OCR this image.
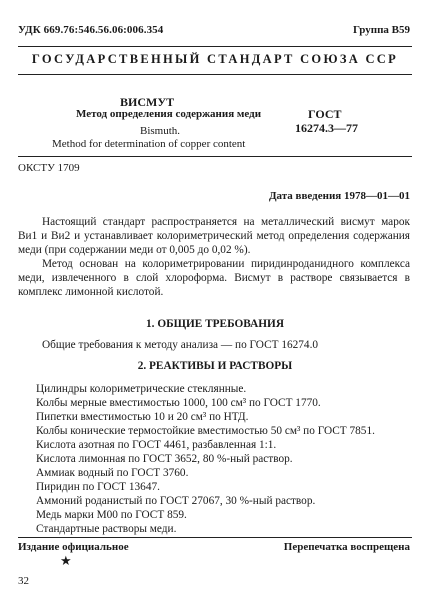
УДК 669.76:546.56.06:006.354	Группа В59
ГОСУДАРСТВЕННЫЙ СТАНДАРТ СОЮЗА ССР
ВИСМУТ
Метод определения содержания меди
Bismuth.
Method for determination of copper content
ГОСТ
16274.3—77
ОКСТУ 1709
Дата введения 1978—01—01

Настоящий стандарт распространяется на металлический висмут марок Ви1 и Ви2 и устанавливает колориметрический метод определения содержания меди (при содержании меди от 0,005 до 0,02 %).

Метод основан на колориметрировании пиридинроданидного комплекса меди, извлеченного в слой хлороформа. Висмут в растворе связывается в комплекс лимонной кислотой.

1. ОБЩИЕ ТРЕБОВАНИЯ
Общие требования к методу анализа — по ГОСТ 16274.0
2. РЕАКТИВЫ И РАСТВОРЫ
Цилиндры колориметрические стеклянные.
Колбы мерные вместимостью 1000, 100 см³ по ГОСТ 1770.
Пипетки вместимостью 10 и 20 см³ по НТД.
Колбы конические термостойкие вместимостью 50 см³ по ГОСТ 7851.
Кислота азотная по ГОСТ 4461, разбавленная 1:1.
Кислота лимонная по ГОСТ 3652, 80 %-ный раствор.
Аммиак водный по ГОСТ 3760.
Пиридин по ГОСТ 13647.
Аммоний роданистый по ГОСТ 27067, 30 %-ный раствор.
Медь марки М00 по ГОСТ 859.
Стандартные растворы меди.
Издание официальное	Перепечатка воспрещена
★
32
